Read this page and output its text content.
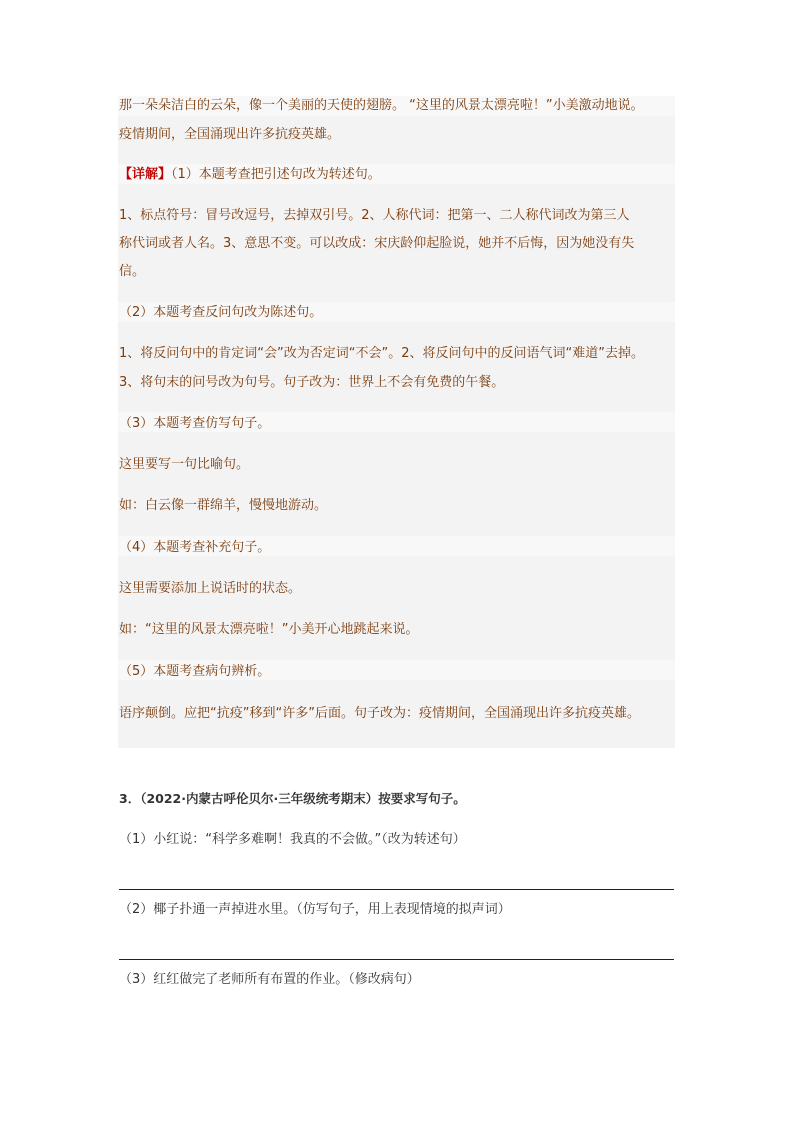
那一朵朵洁白的云朵，像一个美丽的天使的翅膀。 “这里的风景太漂亮啦！”小美激动地说。
疫情期间，全国涌现出许多抗疫英雄。
【详解】（1）本题考查把引述句改为转述句。
1、标点符号：冒号改逗号，去掉双引号。2、人称代词：把第一、二人称代词改为第三人
称代词或者人名。3、意思不变。可以改成：宋庆龄仰起脸说，她并不后悔，因为她没有失
信。
（2）本题考查反问句改为陈述句。
1、将反问句中的肯定词“会”改为否定词“不会”。2、将反问句中的反问语气词“难道”去掉。
3、将句末的问号改为句号。句子改为：世界上不会有免费的午餐。
（3）本题考查仿写句子。
这里要写一句比喻句。
如：白云像一群绵羊，慢慢地游动。
（4）本题考查补充句子。
这里需要添加上说话时的状态。
如：“这里的风景太漂亮啦！”小美开心地跳起来说。
（5）本题考查病句辨析。
语序颠倒。应把“抗疫”移到“许多”后面。句子改为：疫情期间，全国涌现出许多抗疫英雄。
3．（2022·内蒙古呼伦贝尔·三年级统考期末）按要求写句子。
（1）小红说：“科学多难啊！我真的不会做。”（改为转述句）
（2）椰子扑通一声掉进水里。（仿写句子，用上表现情境的拟声词）
（3）红红做完了老师所有布置的作业。（修改病句）
